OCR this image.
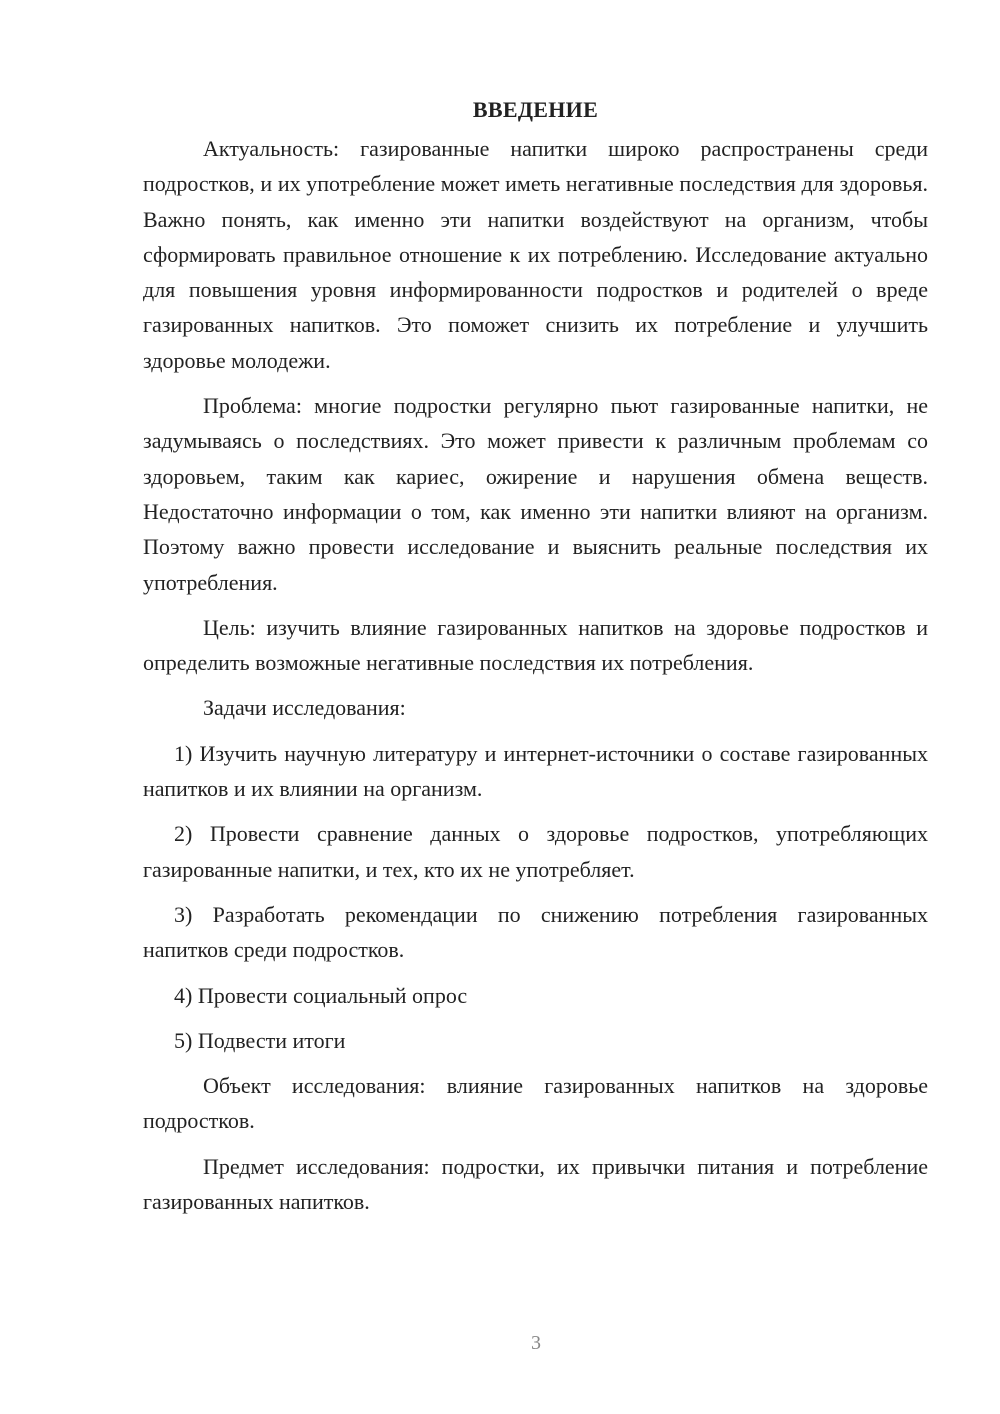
ВВЕДЕНИЕ

Актуальность: газированные напитки широко распространены среди подростков, и их употребление может иметь негативные последствия для здоровья. Важно понять, как именно эти напитки воздействуют на организм, чтобы сформировать правильное отношение к их потреблению. Исследование актуально для повышения уровня информированности подростков и родителей о вреде газированных напитков. Это поможет снизить их потребление и улучшить здоровье молодежи.

Проблема: многие подростки регулярно пьют газированные напитки, не задумываясь о последствиях. Это может привести к различным проблемам со здоровьем, таким как кариес, ожирение и нарушения обмена веществ. Недостаточно информации о том, как именно эти напитки влияют на организм. Поэтому важно провести исследование и выяснить реальные последствия их употребления.

Цель: изучить влияние газированных напитков на здоровье подростков и определить возможные негативные последствия их потребления.

Задачи исследования:

1) Изучить научную литературу и интернет-источники о составе газированных напитков и их влиянии на организм.

2) Провести сравнение данных о здоровье подростков, употребляющих газированные напитки, и тех, кто их не употребляет.

3) Разработать рекомендации по снижению потребления газированных напитков среди подростков.

4) Провести социальный опрос

5) Подвести итоги

Объект исследования: влияние газированных напитков на здоровье подростков.

Предмет исследования: подростки, их привычки питания и потребление газированных напитков.

3
